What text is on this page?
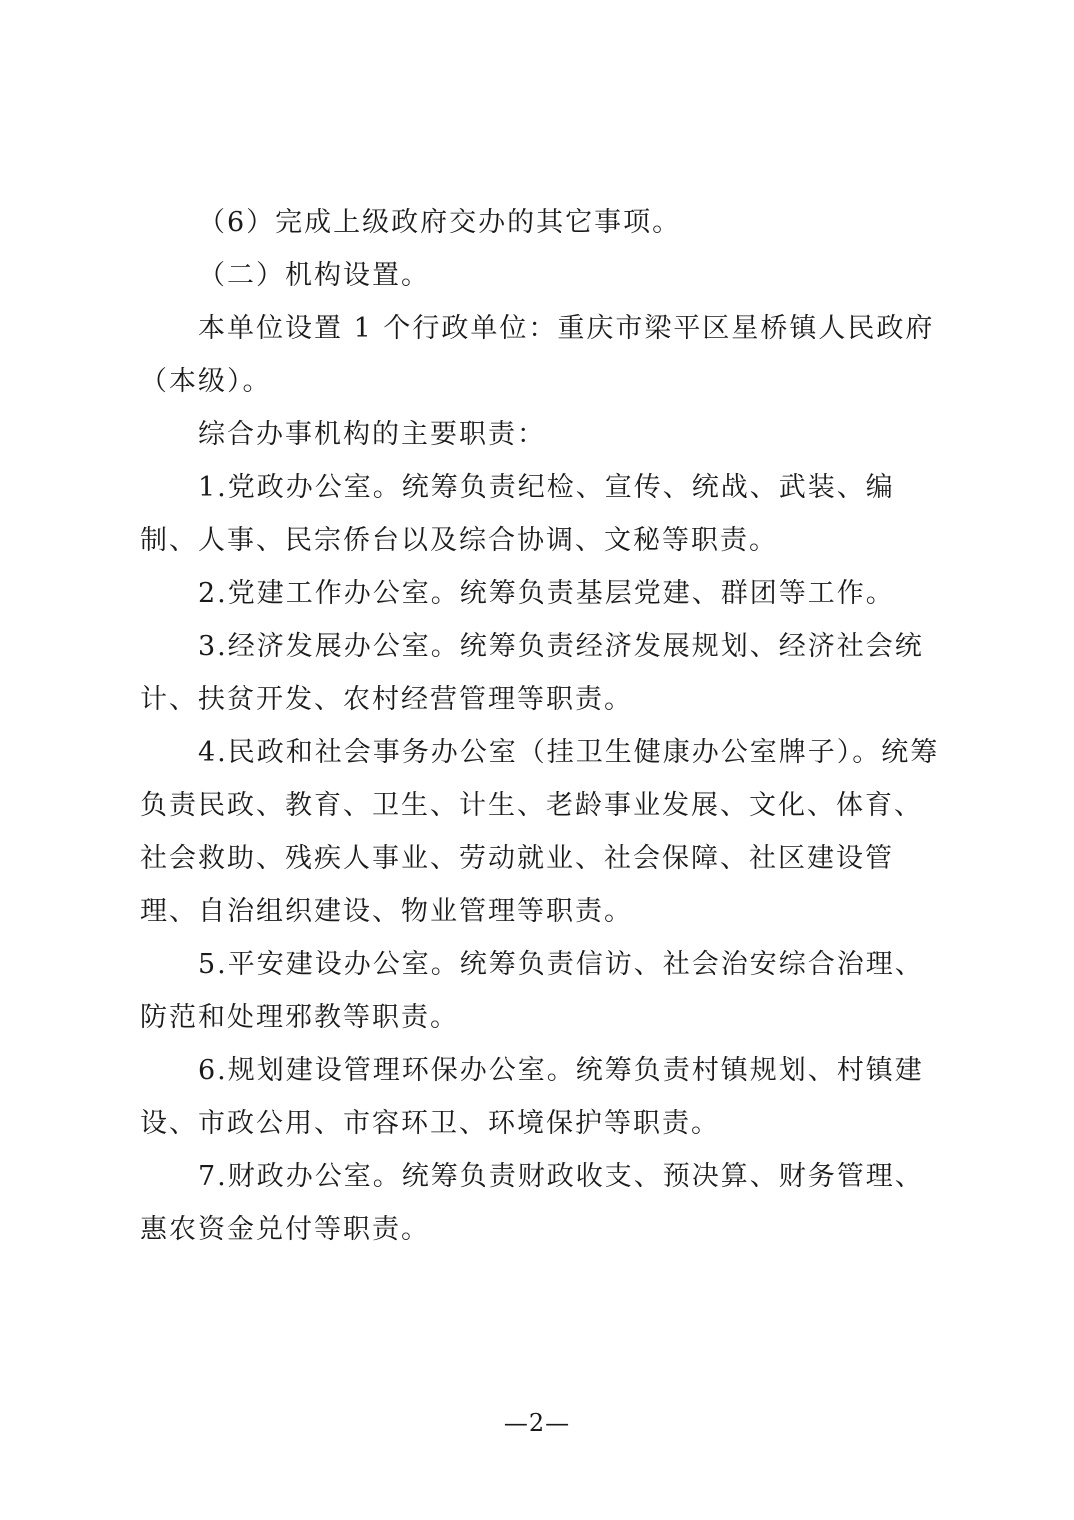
（6）完成上级政府交办的其它事项。

（二）机构设置。

本单位设置 1 个行政单位：重庆市梁平区星桥镇人民政府（本级）。

综合办事机构的主要职责：

1.党政办公室。统筹负责纪检、宣传、统战、武装、编制、人事、民宗侨台以及综合协调、文秘等职责。

2.党建工作办公室。统筹负责基层党建、群团等工作。

3.经济发展办公室。统筹负责经济发展规划、经济社会统计、扶贫开发、农村经营管理等职责。

4.民政和社会事务办公室（挂卫生健康办公室牌子）。统筹负责民政、教育、卫生、计生、老龄事业发展、文化、体育、社会救助、残疾人事业、劳动就业、社会保障、社区建设管理、自治组织建设、物业管理等职责。

5.平安建设办公室。统筹负责信访、社会治安综合治理、防范和处理邪教等职责。

6.规划建设管理环保办公室。统筹负责村镇规划、村镇建设、市政公用、市容环卫、环境保护等职责。

7.财政办公室。统筹负责财政收支、预决算、财务管理、惠农资金兑付等职责。

—2—
